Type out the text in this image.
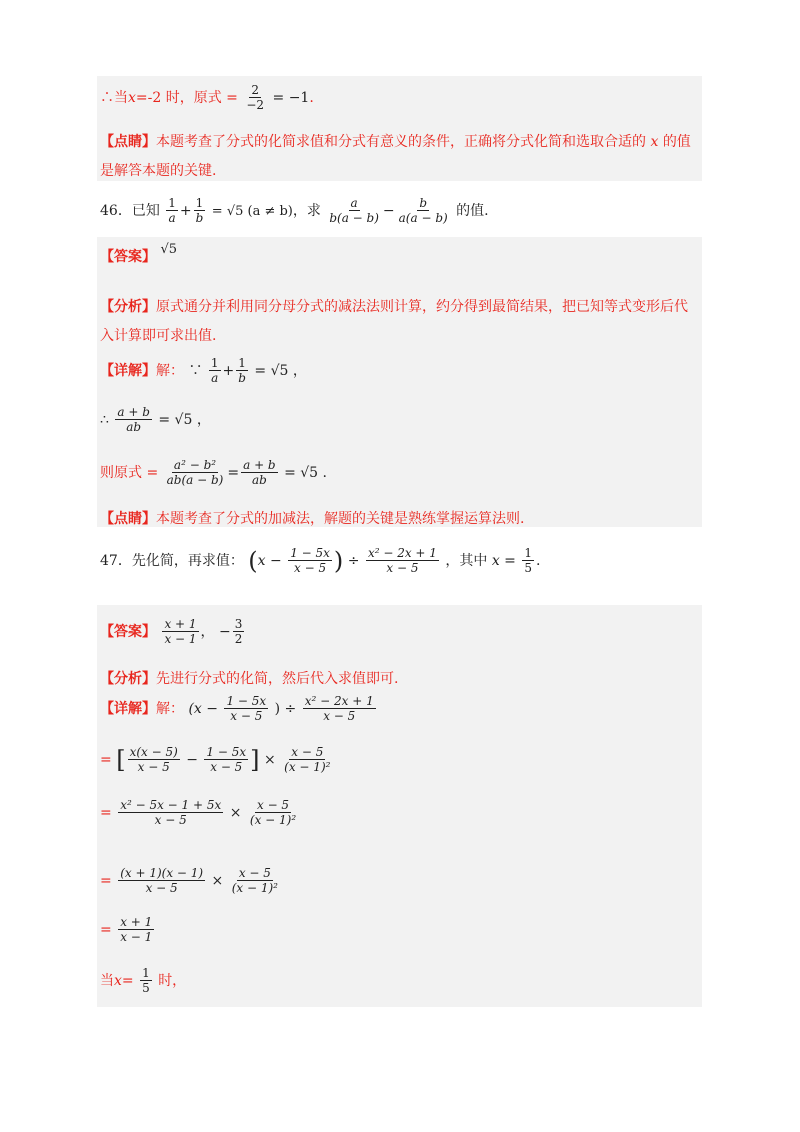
∴当x=-2 时，原式 = $\frac{2}{-2} = -1$.
【点睛】本题考查了分式的化简求值和分式有意义的条件，正确将分式化简和选取合适的 x 的值
是解答本题的关键.
46．已知 $\frac{1}{a} + \frac{1}{b} = √5$ (a ≠ b)，求 $\frac{a}{b(a - b)} - \frac{b}{a(a - b)}$ 的值.
【答案】 √5
【分析】原式通分并利用同分母分式的减法法则计算，约分得到最简结果，把已知等式变形后代
入计算即可求出值.
【详解】解： ∵ $\frac{1}{a} + \frac{1}{b} = √5$ ，
∴ $\frac{a + b}{ab} = √5$ ，
则原式 = $\frac{\text{a² − b²}}{ab(a - b)} = \frac{a + b}{ab} = √5$ .
【点睛】本题考查了分式的加减法，解题的关键是熟练掌握运算法则.
47．先化简，再求值： ($x - \frac{1 - 5x}{x - 5}$ ) ÷ $\frac{\text{x² − 2x + 1}}{x - 5}$ ，其中 $x = \frac{1}{5}$ .
【答案】 $\frac{x + 1}{x - 1}$ ， − $\frac{3}{2}$
【分析】先进行分式的化简，然后代入求值即可.
【详解】解： ($x - \frac{1 - 5x}{x - 5}$ ) ÷ $\frac{\text{x² − 2x + 1}}{x - 5}$
= [ $\frac{x(x - 5)}{x - 5} - \frac{1 - 5x}{x - 5}$ ] × $\frac{x - 5}{\text{(x − 1)²}}$
= $\frac{\text{x² − 5x − 1 + 5x}}{x - 5} \times \frac{x - 5}{\text{(x − 1)²}}$
= $\frac{(x + 1)(x - 1)}{x - 5} \times \frac{x - 5}{\text{(x − 1)²}}$
= $\frac{x + 1}{x - 1}$
当$x= \frac{1}{5}$ 时，
